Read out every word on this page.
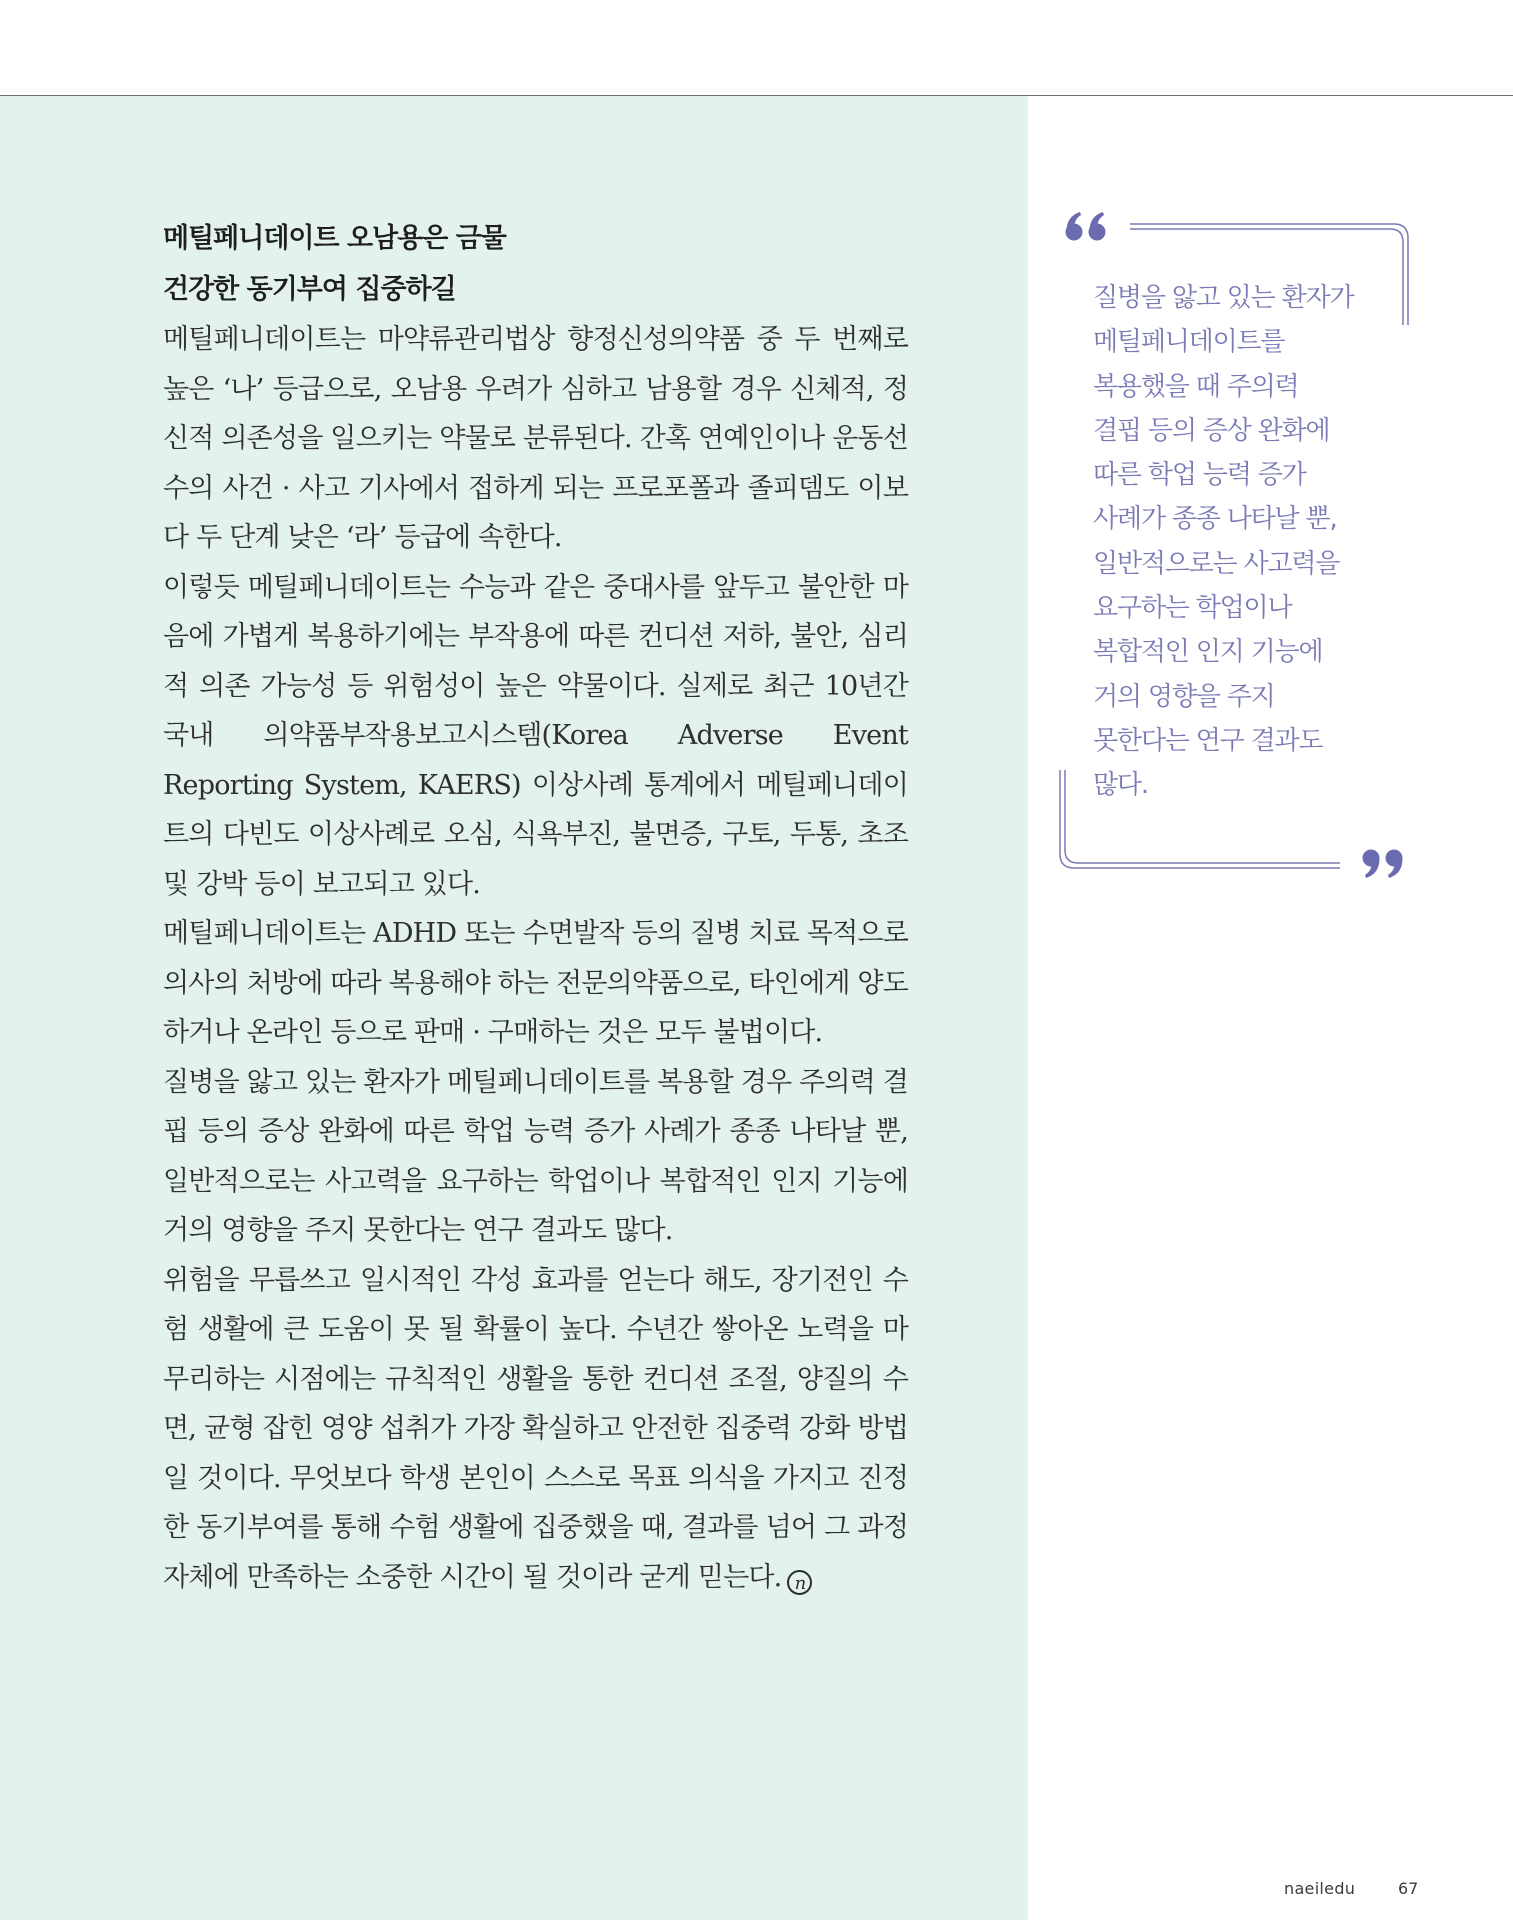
메틸페니데이트 오남용은 금물
건강한 동기부여 집중하길

메틸페니데이트는 마약류관리법상 향정신성의약품 중 두 번째로 높은 ‘나’ 등급으로, 오남용 우려가 심하고 남용할 경우 신체적, 정신적 의존성을 일으키는 약물로 분류된다. 간혹 연예인이나 운동선수의 사건 · 사고 기사에서 접하게 되는 프로포폴과 졸피뎀도 이보다 두 단계 낮은 ‘라’ 등급에 속한다.

이렇듯 메틸페니데이트는 수능과 같은 중대사를 앞두고 불안한 마음에 가볍게 복용하기에는 부작용에 따른 컨디션 저하, 불안, 심리적 의존 가능성 등 위험성이 높은 약물이다. 실제로 최근 10년간 국내 의약품부작용보고시스템(Korea Adverse Event Reporting System, KAERS) 이상사례 통계에서 메틸페니데이트의 다빈도 이상사례로 오심, 식욕부진, 불면증, 구토, 두통, 초조 및 강박 등이 보고되고 있다.

메틸페니데이트는 ADHD 또는 수면발작 등의 질병 치료 목적으로 의사의 처방에 따라 복용해야 하는 전문의약품으로, 타인에게 양도하거나 온라인 등으로 판매 · 구매하는 것은 모두 불법이다.

질병을 앓고 있는 환자가 메틸페니데이트를 복용할 경우 주의력 결핍 등의 증상 완화에 따른 학업 능력 증가 사례가 종종 나타날 뿐, 일반적으로는 사고력을 요구하는 학업이나 복합적인 인지 기능에 거의 영향을 주지 못한다는 연구 결과도 많다.

위험을 무릅쓰고 일시적인 각성 효과를 얻는다 해도, 장기전인 수험 생활에 큰 도움이 못 될 확률이 높다. 수년간 쌓아온 노력을 마무리하는 시점에는 규칙적인 생활을 통한 컨디션 조절, 양질의 수면, 균형 잡힌 영양 섭취가 가장 확실하고 안전한 집중력 강화 방법일 것이다. 무엇보다 학생 본인이 스스로 목표 의식을 가지고 진정한 동기부여를 통해 수험 생활에 집중했을 때, 결과를 넘어 그 과정 자체에 만족하는 소중한 시간이 될 것이라 굳게 믿는다. n

질병을 앓고 있는 환자가
메틸페니데이트를
복용했을 때 주의력
결핍 등의 증상 완화에
따른 학업 능력 증가
사례가 종종 나타날 뿐,
일반적으로는 사고력을
요구하는 학업이나
복합적인 인지 기능에
거의 영향을 주지
못한다는 연구 결과도
많다.
naeiledu	67
